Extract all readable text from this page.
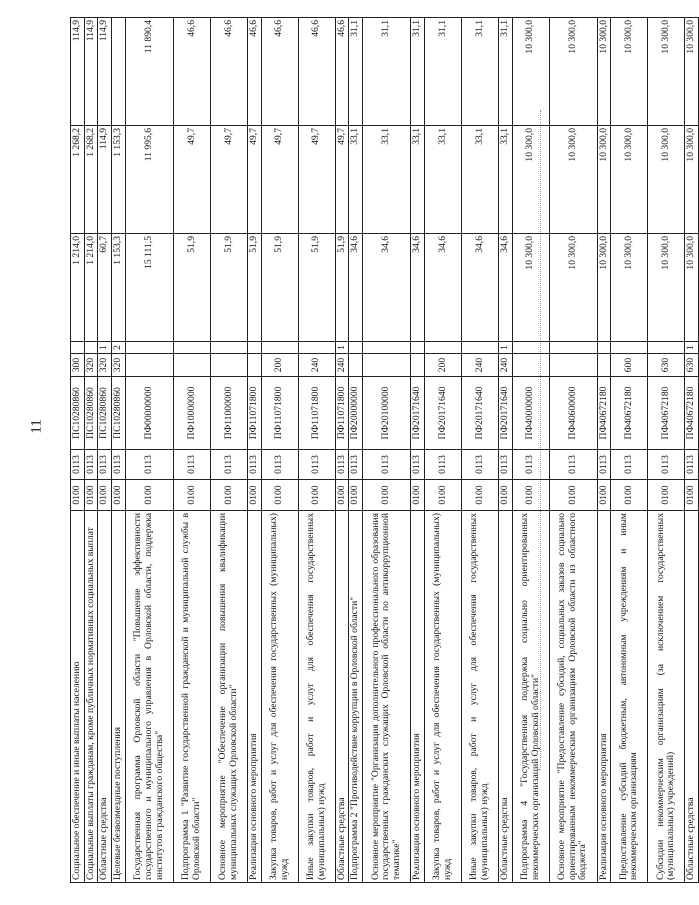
11
Социальное обеспечение и иные выплаты населению	0100	0113	ПС10280860	300		1 214,0	1 268,2	114,9
Социальные выплаты гражданам, кроме публичных нормативных социальных выплат	0100	0113	ПС10280860	320		1 214,0	1 268,2	114,9
Областные средства	0100	0113	ПС10280860	320	1	60,7	114,9	114,9
Целевые безвозмездные поступления	0100	0113	ПС10280860	320	2	1 153,3	1 153,3	
Государственная программа Орловской области "Повышение эффективности государственного и муниципального управления в Орловской области, поддержка институтов гражданского общества"	0100	0113	ПФ00000000			15 111,5	11 995,6	11 890,4
Подпрограмма 1 "Развитие государственной гражданской и муниципальной службы в Орловской области"	0100	0113	ПФ10000000			51,9	49,7	46,6
Основное мероприятие "Обеспечение организации повышения квалификации муниципальных служащих Орловской области"	0100	0113	ПФ11000000			51,9	49,7	46,6
Реализация основного мероприятия	0100	0113	ПФ11071800			51,9	49,7	46,6
Закупка товаров, работ и услуг для обеспечения государственных (муниципальных) нужд	0100	0113	ПФ11071800	200		51,9	49,7	46,6
Иные закупки товаров, работ и услуг для обеспечения государственных (муниципальных) нужд	0100	0113	ПФ11071800	240		51,9	49,7	46,6
Областные средства	0100	0113	ПФ11071800	240	1	51,9	49,7	46,6
Подпрограмма 2 "Противодействие коррупции в Орловской области"	0100	0113	ПФ20000000			34,6	33,1	31,1
Основное мероприятие "Организация дополнительного профессионального образования государственных гражданских служащих Орловской области по антикоррупционной тематике"	0100	0113	ПФ20100000			34,6	33,1	31,1
Реализация основного мероприятия	0100	0113	ПФ20171640			34,6	33,1	31,1
Закупка товаров, работ и услуг для обеспечения государственных (муниципальных) нужд	0100	0113	ПФ20171640	200		34,6	33,1	31,1
Иные закупки товаров, работ и услуг для обеспечения государственных (муниципальных) нужд	0100	0113	ПФ20171640	240		34,6	33,1	31,1
Областные средства	0100	0113	ПФ20171640	240	1	34,6	33,1	31,1
Подпрограмма 4 "Государственная поддержка социально ориентированных некоммерческих организаций Орловской области"	0100	0113	ПФ40000000			10 300,0	10 300,0	10 300,0
Основное мероприятие "Предоставление субсидий, социальных заказов социально ориентированным некоммерческим организациям Орловской области из областного бюджета"	0100	0113	ПФ40600000			10 300,0	10 300,0	10 300,0
Реализация основного мероприятия	0100	0113	ПФ40672180			10 300,0	10 300,0	10 300,0
Предоставление субсидий бюджетным, автономным учреждениям и иным некоммерческим организациям	0100	0113	ПФ40672180	600		10 300,0	10 300,0	10 300,0
Субсидии некоммерческим организациям (за исключением государственных (муниципальных) учреждений)	0100	0113	ПФ40672180	630		10 300,0	10 300,0	10 300,0
Областные средства	0100	0113	ПФ40672180	630	1	10 300,0	10 300,0	10 300,0
